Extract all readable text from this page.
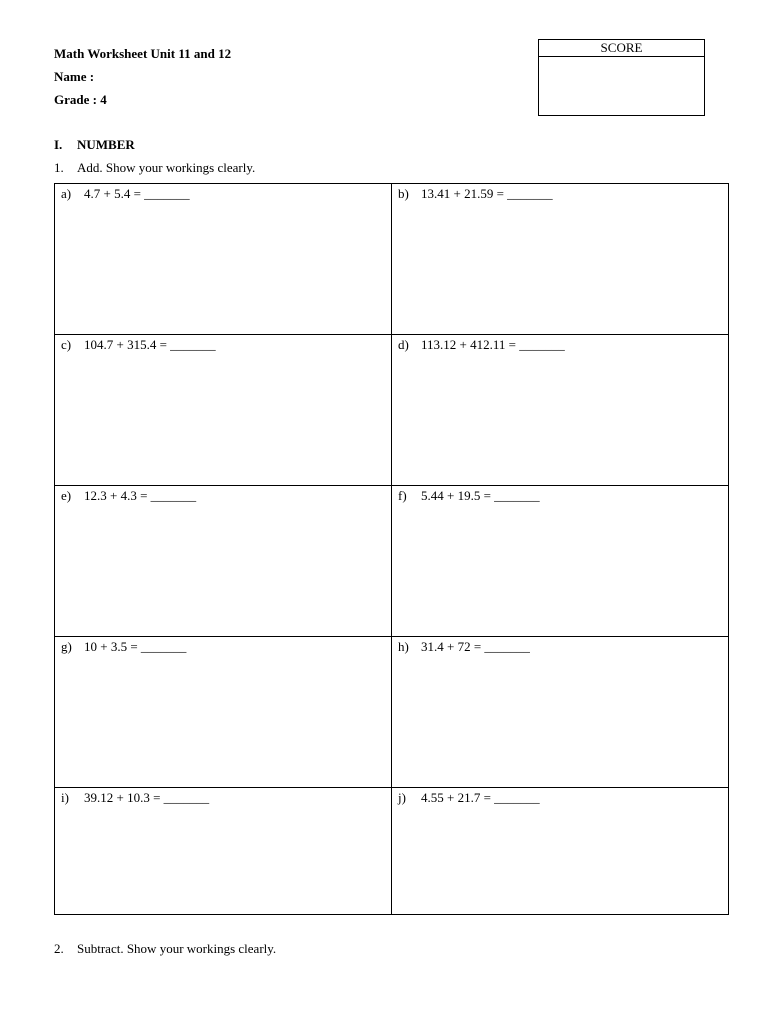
Math Worksheet Unit 11 and 12
Name :
Grade : 4
SCORE
I. NUMBER
1. Add. Show your workings clearly.
a) 4.7 + 5.4 = _______	b) 13.41 + 21.59 = _______

c) 104.7 + 315.4 = _______	d) 113.12 + 412.11 = _______

e) 12.3 + 4.3 = _______	f) 5.44 + 19.5 = _______

g) 10 + 3.5 = _______	h) 31.4 + 72 = _______

i) 39.12 + 10.3 = _______	j) 4.55 + 21.7 = _______
2. Subtract. Show your workings clearly.
